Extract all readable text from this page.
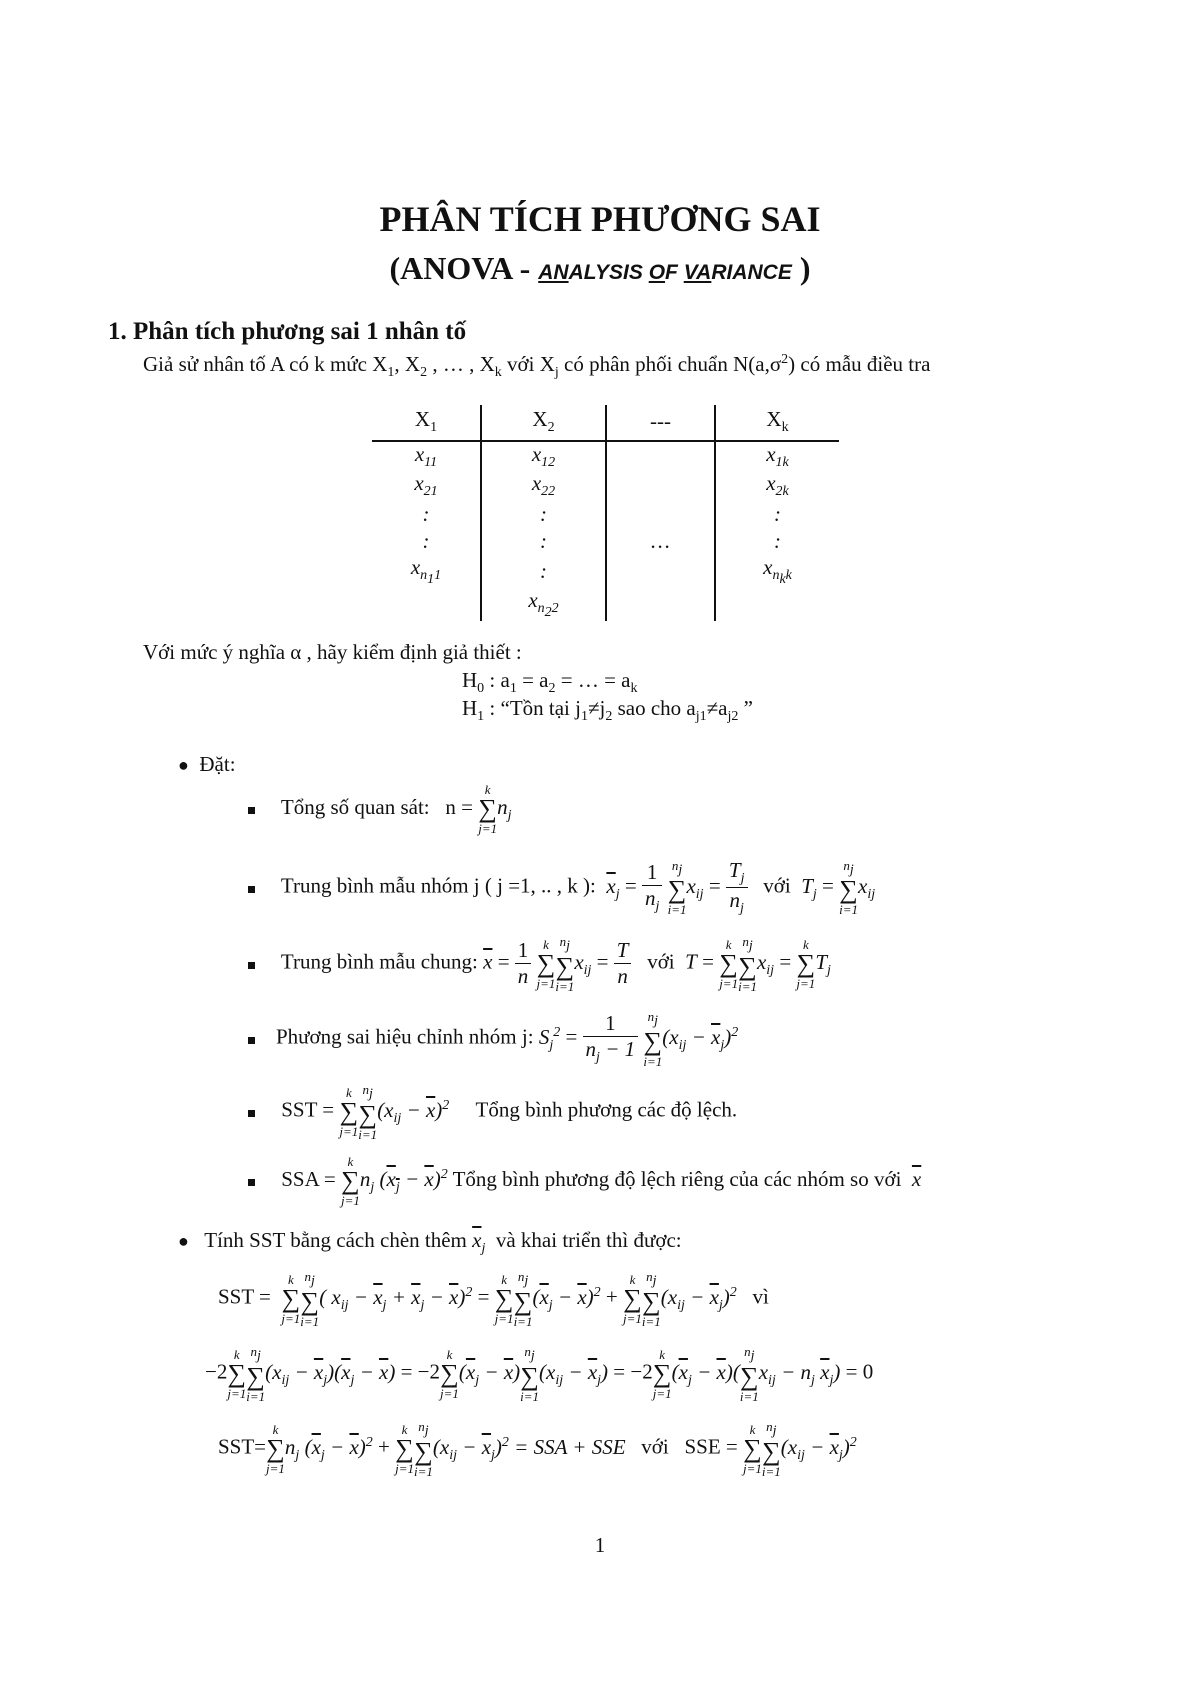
PHÂN TÍCH PHƯƠNG SAI
(ANOVA - ANALYSIS OF VARIANCE )
1. Phân tích phương sai 1 nhân tố
Giả sử nhân tố A có k mức $X_1$, $X_2$ , … , $X_k$ với $X_j$ có phân phối chuẩn $N(a,\sigma^2)$ có mẫu điều tra
$X_1$	$X_2$	---	$X_k$
$x_{11}$	$x_{12}$		$x_{1k}$
$x_{21}$	$x_{22}$		$x_{2k}$
:	:		:
:	:	…	:
$x_{n_11}$	:		$x_{n_kk}$
	$x_{n_22}$		
Với mức ý nghĩa α , hãy kiểm định giả thiết :
$H_0$ : $a_1 = a_2$ = … = $a_k$
$H_1$ : “Tồn tại $j_1\ne j_2$ sao cho $a_{j1}\ne a_{j2}$ ”
● Đặt:
Tổng số quan sát:   n =
k
∑
j=1
$n_j$
Trung bình mẫu nhóm j ( j =1, .. , k ): $\overline{x}_j = \frac{1}{n_j}$
$n_j$
∑
i=1
$x_{ij} = \frac{T_j}{n_j}$ với $T_j$ =
$n_j$
∑
i=1
$x_{ij}$
Trung bình mẫu chung: $\overline{x} = \frac{1}{n}$
k
∑
j=1
$n_j$
∑
i=1
$x_{ij} = \frac{T}{n}$ với T =
k
∑
j=1
$n_j$
∑
i=1
$x_{ij}$ =
k
∑
j=1
$T_j$
Phương sai hiệu chỉnh nhóm j: $S_j^2 = \frac{1}{n_j - 1}$
$n_j$
∑
i=1
$(x_{ij} - \overline{x}_j)^2$
SST =
k
∑
j=1
$n_j$
∑
i=1
$(x_{ij} - \overline{x})^2$ Tổng bình phương các độ lệch.
SSA =
k
∑
j=1
$n_j$ $(x_j - \overline{x})^2$ Tổng bình phương độ lệch riêng của các nhóm so với $\overline{x}$
● Tính SST bằng cách chèn thêm $\overline{x}_j$ và khai triển thì được:
SST =
k
∑
j=1
$n_j$
∑
i=1
( $x_{ij} - \overline{x}_j + \overline{x}_j - \overline{x})^2$ =
k
∑
j=1
$n_j$
∑
i=1
$(\overline{x}_j - \overline{x})^2$ +
k
∑
j=1
$n_j$
∑
i=1
$(x_{ij} - \overline{x}_j)^2$ vì
−2
k
∑
j=1
$n_j$
∑
i=1
$(x_{ij} - \overline{x}_j)(\overline{x}_j - \overline{x}) = -2$
k
∑
j=1
$(\overline{x}_j - \overline{x})$
$n_j$
∑
i=1
$(x_{ij} - \overline{x}_j) = -2$
k
∑
j=1
$(\overline{x}_j - \overline{x})$(
$n_j$
∑
i=1
$x_{ij} - n_j$ $\overline{x}_j) = 0$
SST=
k
∑
j=1
$n_j$ $(\overline{x}_j - \overline{x})^2$ +
k
∑
j=1
$n_j$
∑
i=1
$(x_{ij} - \overline{x}_j)^2$ = SSA + SSE với SSE =
k
∑
j=1
$n_j$
∑
i=1
$(x_{ij} - \overline{x}_j)^2$
1
